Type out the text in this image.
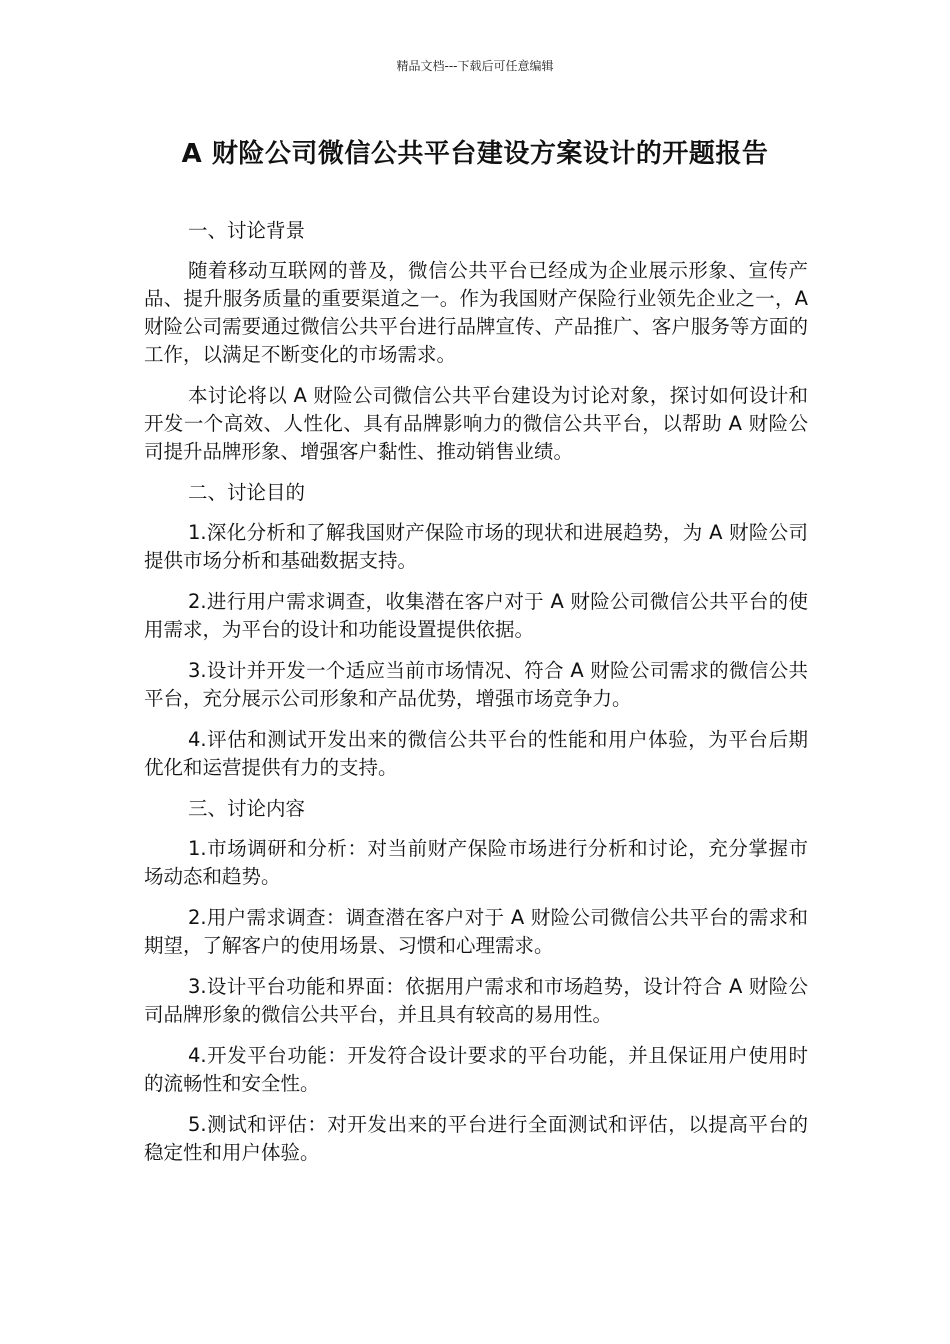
精品文档---下载后可任意编辑
A 财险公司微信公共平台建设方案设计的开题报告

一、讨论背景

随着移动互联网的普及，微信公共平台已经成为企业展示形象、宣传产品、提升服务质量的重要渠道之一。作为我国财产保险行业领先企业之一，A 财险公司需要通过微信公共平台进行品牌宣传、产品推广、客户服务等方面的工作，以满足不断变化的市场需求。

本讨论将以 A 财险公司微信公共平台建设为讨论对象，探讨如何设计和开发一个高效、人性化、具有品牌影响力的微信公共平台，以帮助 A 财险公司提升品牌形象、增强客户黏性、推动销售业绩。

二、讨论目的

1.深化分析和了解我国财产保险市场的现状和进展趋势，为 A 财险公司提供市场分析和基础数据支持。

2.进行用户需求调查，收集潜在客户对于 A 财险公司微信公共平台的使用需求，为平台的设计和功能设置提供依据。

3.设计并开发一个适应当前市场情况、符合 A 财险公司需求的微信公共平台，充分展示公司形象和产品优势，增强市场竞争力。

4.评估和测试开发出来的微信公共平台的性能和用户体验，为平台后期优化和运营提供有力的支持。

三、讨论内容

1.市场调研和分析：对当前财产保险市场进行分析和讨论，充分掌握市场动态和趋势。

2.用户需求调查：调查潜在客户对于 A 财险公司微信公共平台的需求和期望，了解客户的使用场景、习惯和心理需求。

3.设计平台功能和界面：依据用户需求和市场趋势，设计符合 A 财险公司品牌形象的微信公共平台，并且具有较高的易用性。

4.开发平台功能：开发符合设计要求的平台功能，并且保证用户使用时的流畅性和安全性。

5.测试和评估：对开发出来的平台进行全面测试和评估，以提高平台的稳定性和用户体验。
